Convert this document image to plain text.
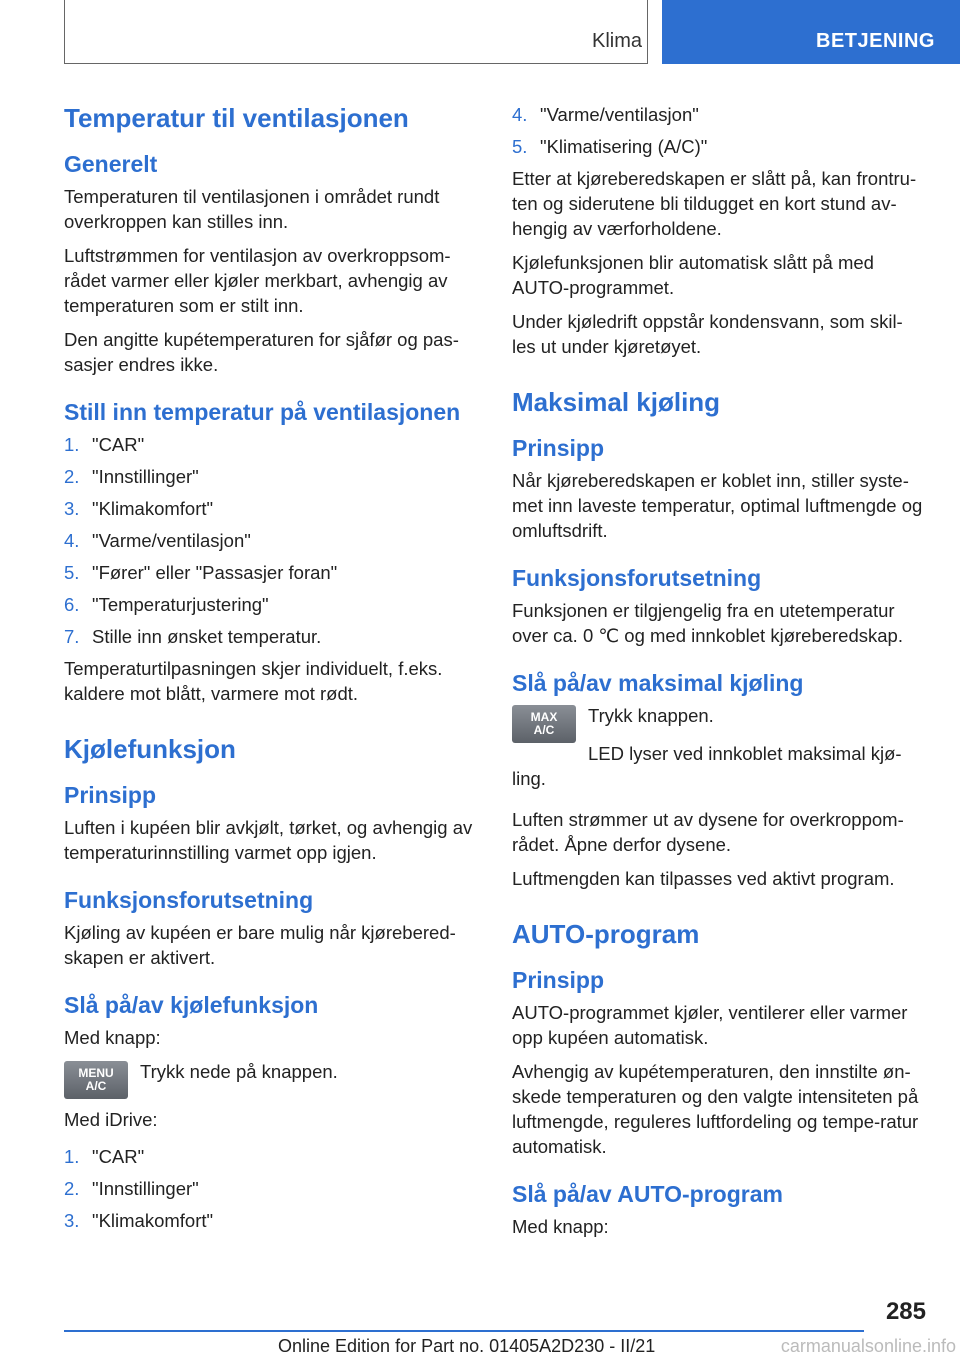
Klima	BETJENING
Temperatur til ventilasjonen
Generelt

Temperaturen til ventilasjonen i området rundt overkroppen kan stilles inn.

Luftstrømmen for ventilasjon av overkroppsom-rådet varmer eller kjøler merkbart, avhengig av temperaturen som er stilt inn.

Den angitte kupétemperaturen for sjåfør og pas-sasjer endres ikke.

Still inn temperatur på ventilasjonen
1. "CAR"
2. "Innstillinger"
3. "Klimakomfort"
4. "Varme/ventilasjon"
5. "Fører" eller "Passasjer foran"
6. "Temperaturjustering"
7. Stille inn ønsket temperatur.

Temperaturtilpasningen skjer individuelt, f.eks. kaldere mot blått, varmere mot rødt.

Kjølefunksjon
Prinsipp

Luften i kupéen blir avkjølt, tørket, og avhengig av temperaturinnstilling varmet opp igjen.

Funksjonsforutsetning

Kjøling av kupéen er bare mulig når kjørebered-skapen er aktivert.

Slå på/av kjølefunksjon

Med knapp:

MENU
A/C

Trykk nede på knappen.

Med iDrive:

1. "CAR"
2. "Innstillinger"
3. "Klimakomfort"
4. "Varme/ventilasjon"
5. "Klimatisering (A/C)"

Etter at kjøreberedskapen er slått på, kan frontru-ten og siderutene bli tildugget en kort stund av-hengig av værforholdene.

Kjølefunksjonen blir automatisk slått på med AUTO-programmet.

Under kjøledrift oppstår kondensvann, som skil-les ut under kjøretøyet.

Maksimal kjøling
Prinsipp

Når kjøreberedskapen er koblet inn, stiller syste-met inn laveste temperatur, optimal luftmengde og omluftsdrift.

Funksjonsforutsetning

Funksjonen er tilgjengelig fra en utetemperatur over ca. 0 ℃ og med innkoblet kjøreberedskap.

Slå på/av maksimal kjøling
MAX
A/C

Trykk knappen.

LED lyser ved innkoblet maksimal kjø-ling.

Luften strømmer ut av dysene for overkroppom-rådet. Åpne derfor dysene.

Luftmengden kan tilpasses ved aktivt program.

AUTO-program
Prinsipp

AUTO-programmet kjøler, ventilerer eller varmer opp kupéen automatisk.

Avhengig av kupétemperaturen, den innstilte øn-skede temperaturen og den valgte intensiteten på luftmengde, reguleres luftfordeling og tempe-ratur automatisk.

Slå på/av AUTO-program

Med knapp:

285
Online Edition for Part no. 01405A2D230 - II/21	carmanualsonline.info
